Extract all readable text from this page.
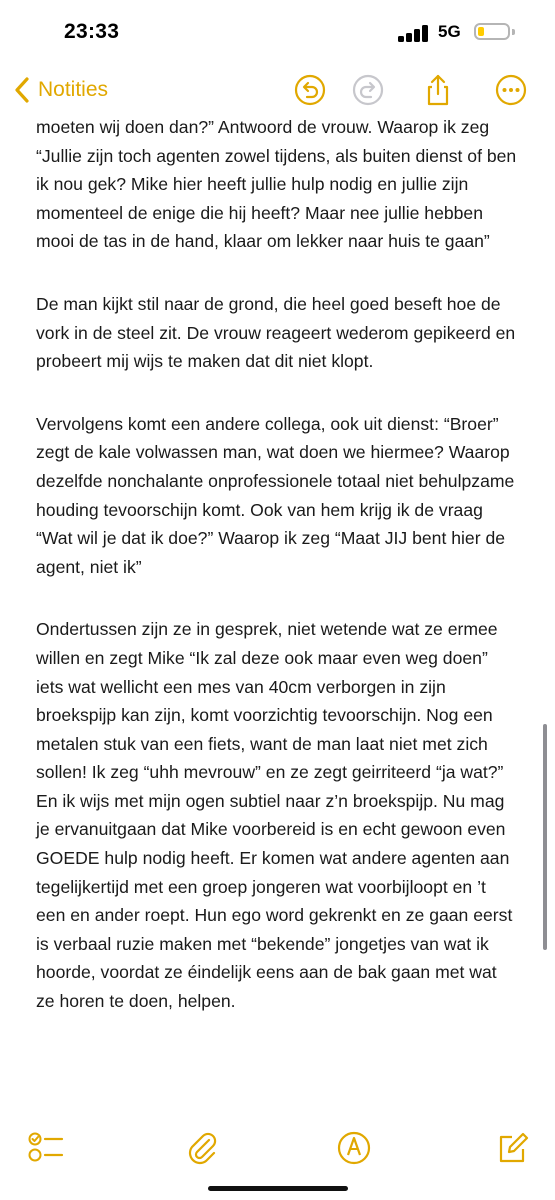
23:33	5G
Notities

moeten wij doen dan?” Antwoord de vrouw. Waarop ik zeg “Jullie zijn toch agenten zowel tijdens, als buiten dienst of ben ik nou gek? Mike hier heeft jullie hulp nodig en jullie zijn momenteel de enige die hij heeft? Maar nee jullie hebben mooi de tas in de hand, klaar om lekker naar huis te gaan”

De man kijkt stil naar de grond, die heel goed beseft hoe de vork in de steel zit. De vrouw reageert wederom gepikeerd en probeert mij wijs te maken dat dit niet klopt.

Vervolgens komt een andere collega, ook uit dienst: “Broer” zegt de kale volwassen man, wat doen we hiermee? Waarop dezelfde nonchalante onprofessionele totaal niet behulpzame houding tevoorschijn komt. Ook van hem krijg ik de vraag “Wat wil je dat ik doe?” Waarop ik zeg “Maat JIJ bent hier de agent, niet ik”

Ondertussen zijn ze in gesprek, niet wetende wat ze ermee willen en zegt Mike “Ik zal deze ook maar even weg doen” iets wat wellicht een mes van 40cm verborgen in zijn broekspijp kan zijn, komt voorzichtig tevoorschijn. Nog een metalen stuk van een fiets, want de man laat niet met zich sollen! Ik zeg “uhh mevrouw” en ze zegt geirriteerd “ja wat?” En ik wijs met mijn ogen subtiel naar z’n broekspijp. Nu mag je ervanuitgaan dat Mike voorbereid is en echt gewoon even GOEDE hulp nodig heeft. Er komen wat andere agenten aan tegelijkertijd met een groep jongeren wat voorbijloopt en ’t een en ander roept. Hun ego word gekrenkt en ze gaan eerst is verbaal ruzie maken met “bekende” jongetjes van wat ik hoorde, voordat ze éindelijk eens aan de bak gaan met wat ze horen te doen, helpen.
